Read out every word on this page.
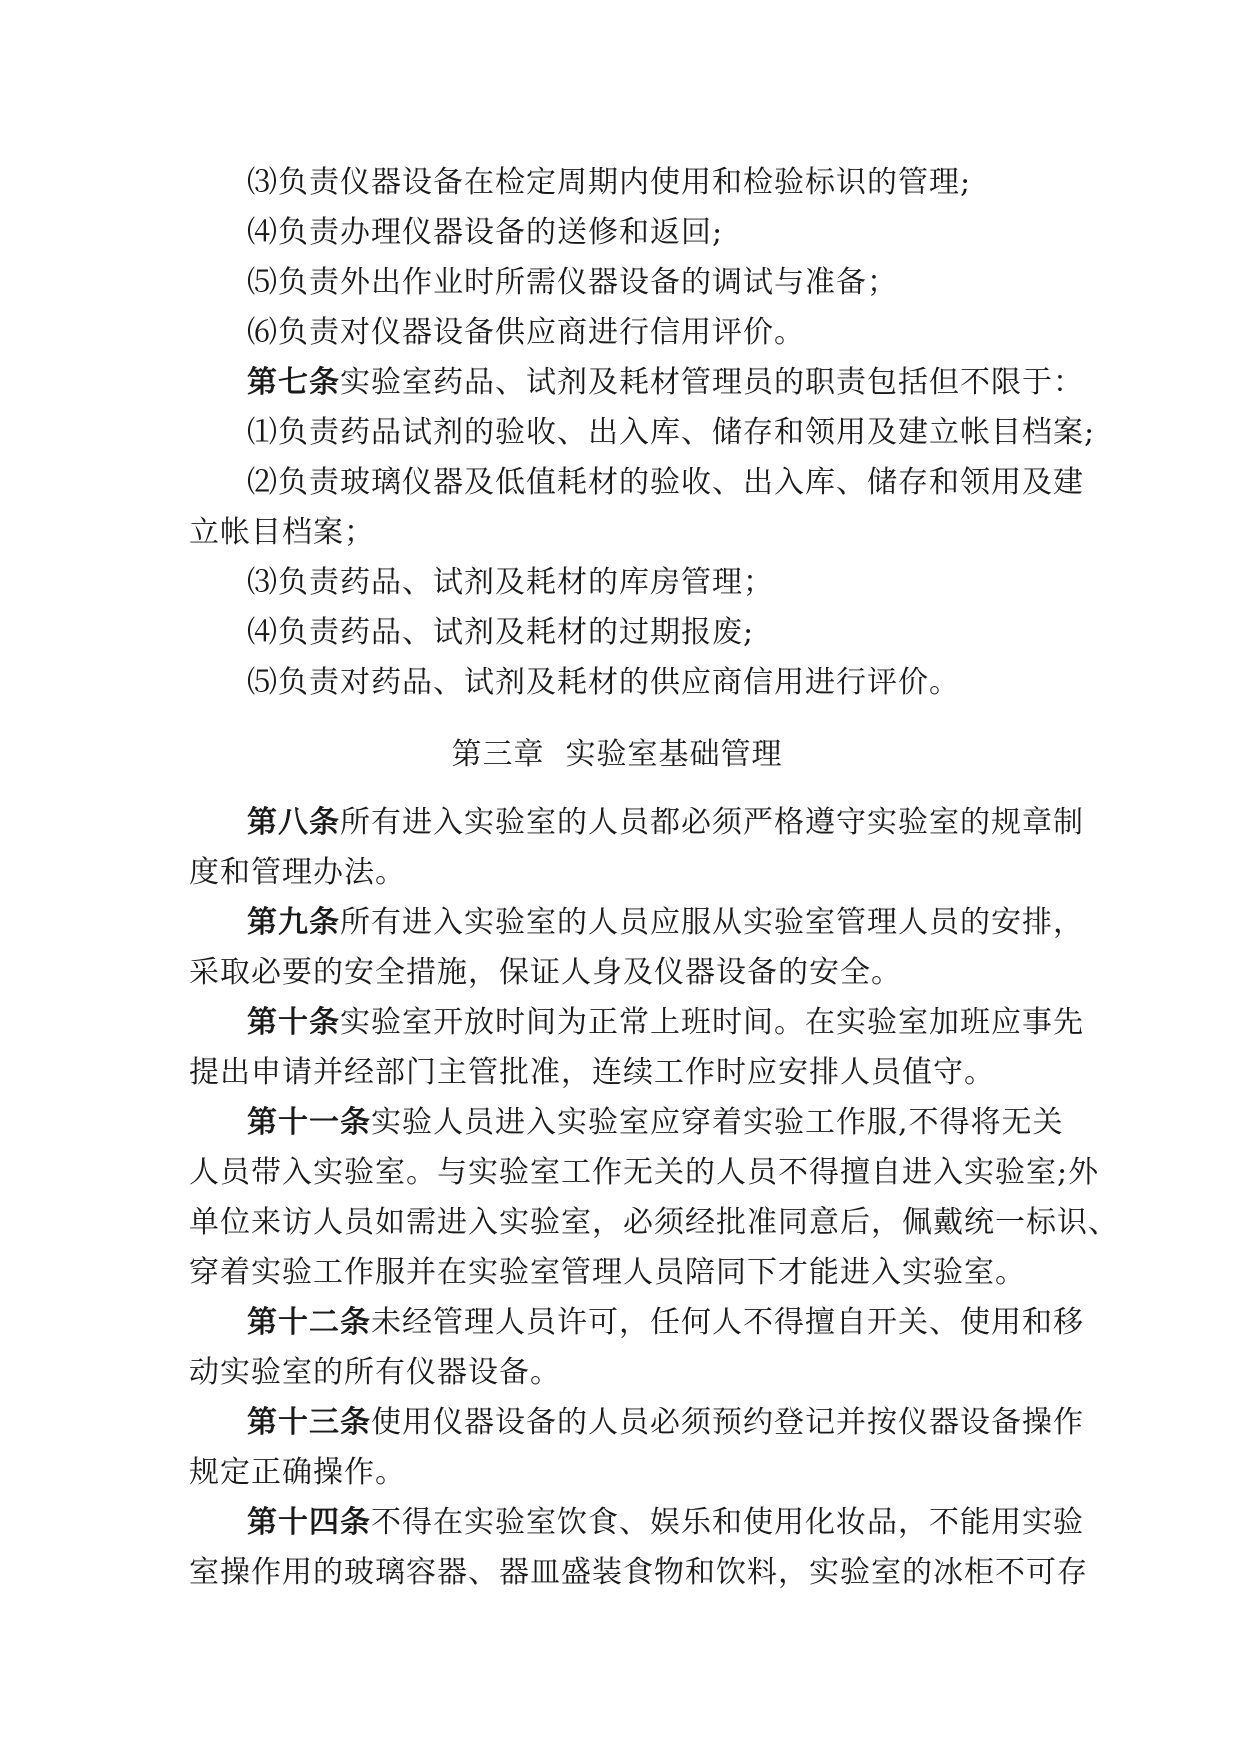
⑶负责仪器设备在检定周期内使用和检验标识的管理;
⑷负责办理仪器设备的送修和返回;
⑸负责外出作业时所需仪器设备的调试与准备；
⑹负责对仪器设备供应商进行信用评价。
第七条实验室药品、试剂及耗材管理员的职责包括但不限于：
⑴负责药品试剂的验收、出入库、储存和领用及建立帐目档案;
⑵负责玻璃仪器及低值耗材的验收、出入库、储存和领用及建
立帐目档案；
⑶负责药品、试剂及耗材的库房管理；
⑷负责药品、试剂及耗材的过期报废;
⑸负责对药品、试剂及耗材的供应商信用进行评价。
第三章  实验室基础管理
第八条所有进入实验室的人员都必须严格遵守实验室的规章制
度和管理办法。
第九条所有进入实验室的人员应服从实验室管理人员的安排，
采取必要的安全措施，保证人身及仪器设备的安全。
第十条实验室开放时间为正常上班时间。在实验室加班应事先
提出申请并经部门主管批准，连续工作时应安排人员值守。
第十一条实验人员进入实验室应穿着实验工作服,不得将无关
人员带入实验室。与实验室工作无关的人员不得擅自进入实验室;外
单位来访人员如需进入实验室，必须经批准同意后，佩戴统一标识、
穿着实验工作服并在实验室管理人员陪同下才能进入实验室。
第十二条未经管理人员许可，任何人不得擅自开关、使用和移
动实验室的所有仪器设备。
第十三条使用仪器设备的人员必须预约登记并按仪器设备操作
规定正确操作。
第十四条不得在实验室饮食、娱乐和使用化妆品，不能用实验
室操作用的玻璃容器、器皿盛装食物和饮料，实验室的冰柜不可存
